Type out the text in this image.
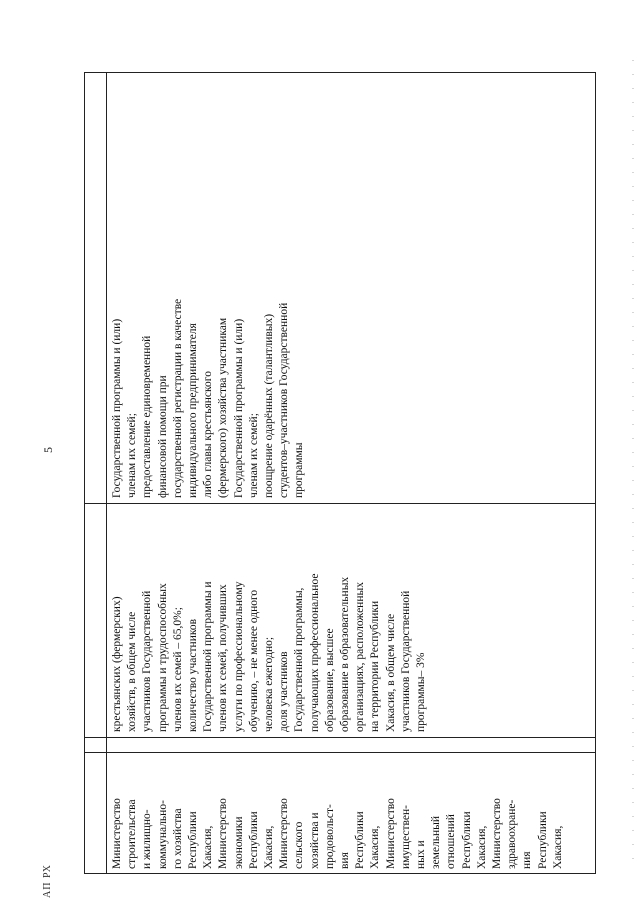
5
АП РХ
Министерство строительства и жилищно- коммунально- го хозяйства Республики Хакасия, Министерство экономики Республики Хакасия, Министерство сельского хозяйства и продовольст- вия Республики Хакасия, Министерство имуществен- ных и земельный отношений Республики Хакасия, Министерство здравоохране- ния Республики Хакасия,
крестьянских (фермерских) хозяйств, в общем числе участников Государственной программы и трудоспособных членов их семей – 65,0%; количество участников Государственной программы и членов их семей, получивших услуги по профессиональному обучению, – не менее одного человека ежегодно; доля участников Государственной программы, получающих профессиональное образование, высшее образование в образовательных организациях, расположенных на территории Республики Хакасия, в общем числе участников Государственной программы– 3%
Государственной программы и (или) членам их семей; предоставление единовременной финансовой помощи при государственной регистрации в качестве индивидуального предпринимателя либо главы крестьянского (фермерского) хозяйства участникам Государственной программы и (или) членам их семей; поощрение одарённых (талантливых) студентов–участников Государственной программы
